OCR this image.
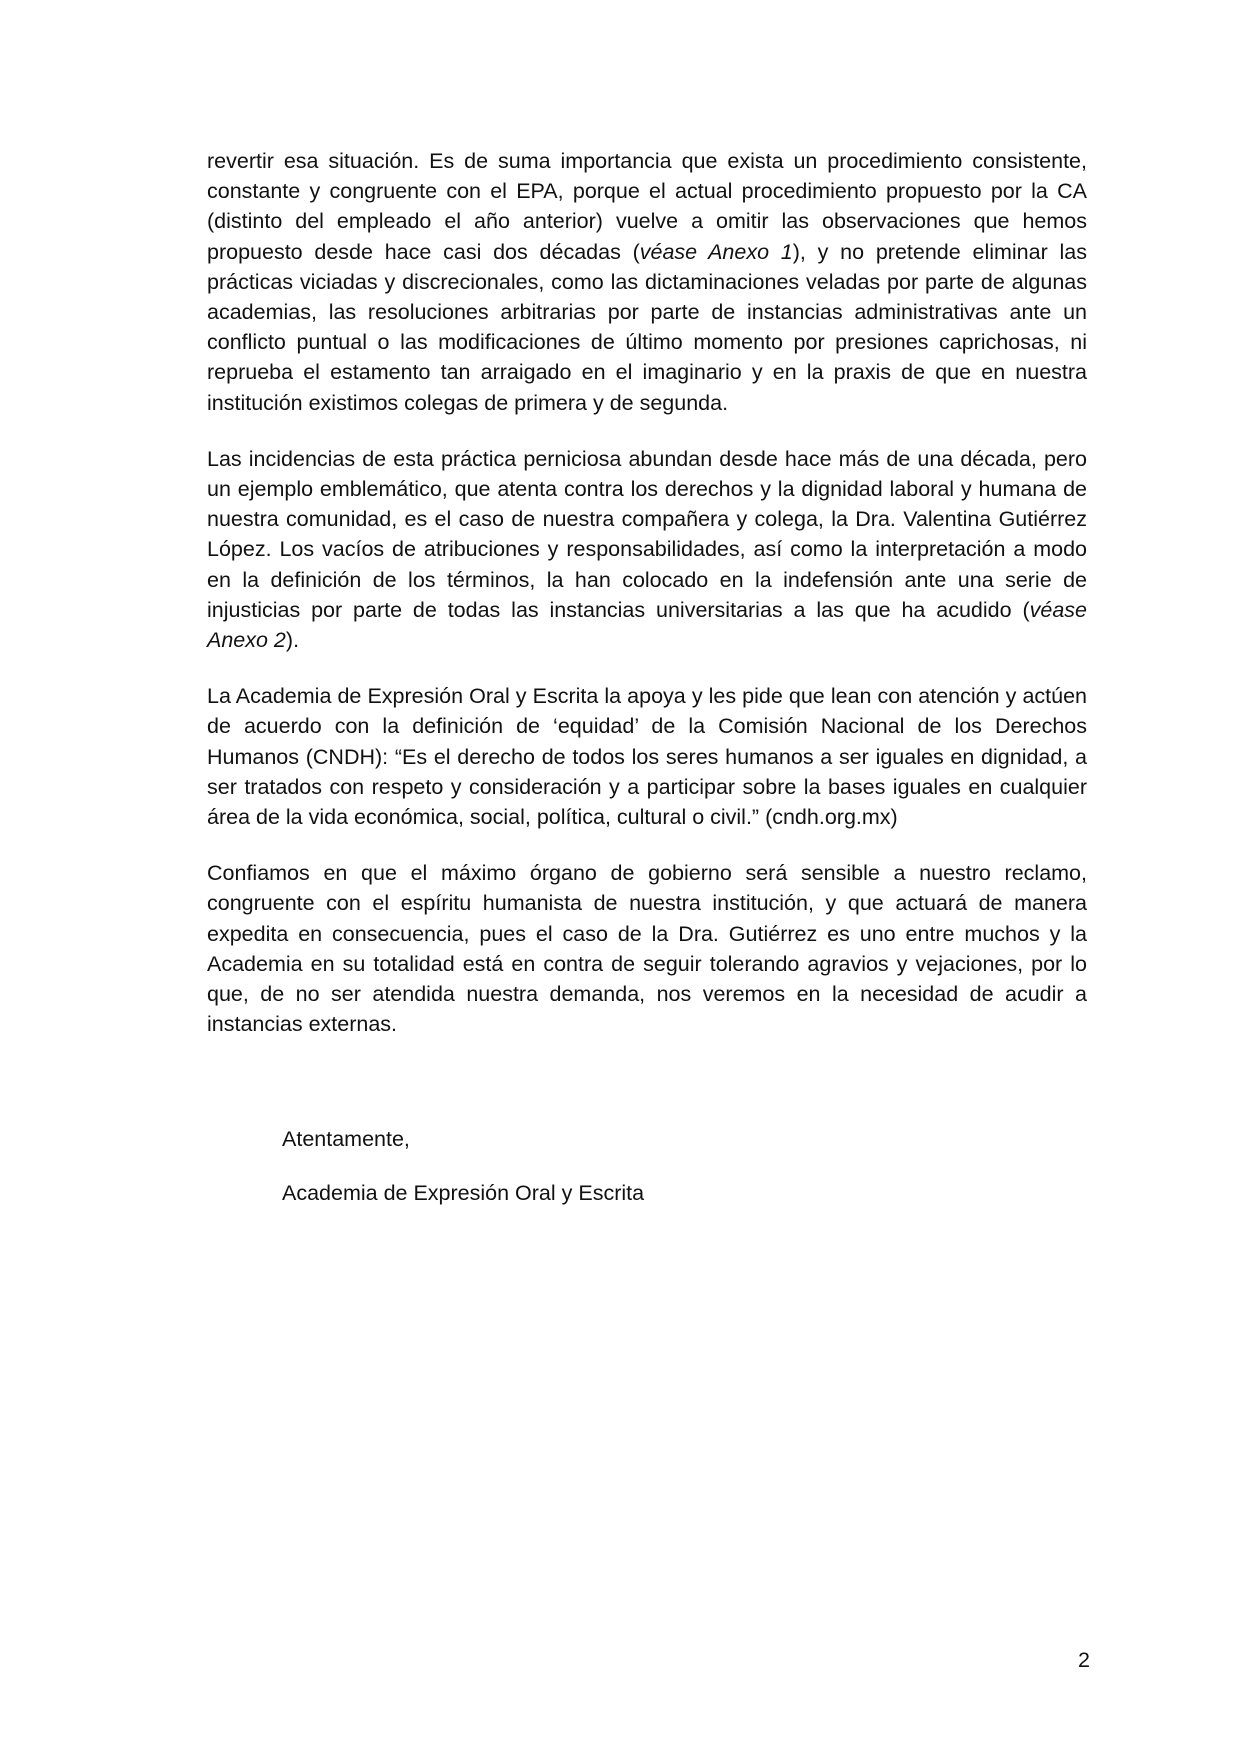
revertir esa situación. Es de suma importancia que exista un procedimiento consistente, constante y congruente con el EPA, porque el actual procedimiento propuesto por la CA (distinto del empleado el año anterior) vuelve a omitir las observaciones que hemos propuesto desde hace casi dos décadas (véase Anexo 1), y no pretende eliminar las prácticas viciadas y discrecionales, como las dictaminaciones veladas por parte de algunas academias, las resoluciones arbitrarias por parte de instancias administrativas ante un conflicto puntual o las modificaciones de último momento por presiones caprichosas, ni reprueba el estamento tan arraigado en el imaginario y en la praxis de que en nuestra institución existimos colegas de primera y de segunda.

Las incidencias de esta práctica perniciosa abundan desde hace más de una década, pero un ejemplo emblemático, que atenta contra los derechos y la dignidad laboral y humana de nuestra comunidad, es el caso de nuestra compañera y colega, la Dra. Valentina Gutiérrez López. Los vacíos de atribuciones y responsabilidades, así como la interpretación a modo en la definición de los términos, la han colocado en la indefensión ante una serie de injusticias por parte de todas las instancias universitarias a las que ha acudido (véase Anexo 2).

La Academia de Expresión Oral y Escrita la apoya y les pide que lean con atención y actúen de acuerdo con la definición de ‘equidad’ de la Comisión Nacional de los Derechos Humanos (CNDH): “Es el derecho de todos los seres humanos a ser iguales en dignidad, a ser tratados con respeto y consideración y a participar sobre la bases iguales en cualquier área de la vida económica, social, política, cultural o civil.” (cndh.org.mx)

Confiamos en que el máximo órgano de gobierno será sensible a nuestro reclamo, congruente con el espíritu humanista de nuestra institución, y que actuará de manera expedita en consecuencia, pues el caso de la Dra. Gutiérrez es uno entre muchos y la Academia en su totalidad está en contra de seguir tolerando agravios y vejaciones, por lo que, de no ser atendida nuestra demanda, nos veremos en la necesidad de acudir a instancias externas.

Atentamente,
Academia de Expresión Oral y Escrita
2
